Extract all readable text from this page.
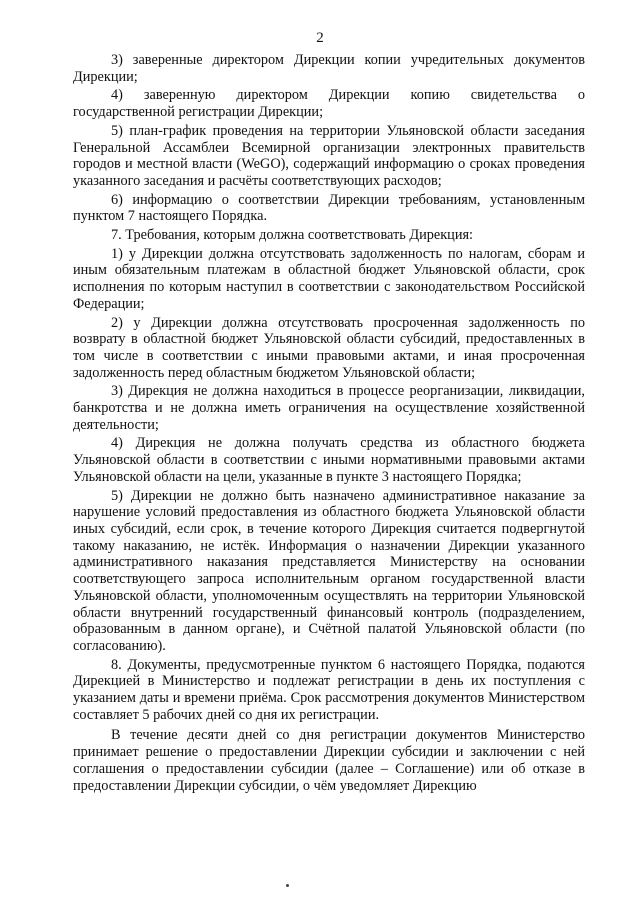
2

3) заверенные директором Дирекции копии учредительных документов Дирекции;

4) заверенную директором Дирекции копию свидетельства о государственной регистрации Дирекции;

5) план-график проведения на территории Ульяновской области заседания Генеральной Ассамблеи Всемирной организации электронных правительств городов и местной власти (WeGO), содержащий информацию о сроках проведения указанного заседания и расчёты соответствующих расходов;

6) информацию о соответствии Дирекции требованиям, установленным пунктом 7 настоящего Порядка.

7. Требования, которым должна соответствовать Дирекция:

1) у Дирекции должна отсутствовать задолженность по налогам, сборам и иным обязательным платежам в областной бюджет Ульяновской области, срок исполнения по которым наступил в соответствии с законодательством Российской Федерации;

2) у Дирекции должна отсутствовать просроченная задолженность по возврату в областной бюджет Ульяновской области субсидий, предоставленных в том числе в соответствии с иными правовыми актами, и иная просроченная задолженность перед областным бюджетом Ульяновской области;

3) Дирекция не должна находиться в процессе реорганизации, ликвидации, банкротства и не должна иметь ограничения на осуществление хозяйственной деятельности;

4) Дирекция не должна получать средства из областного бюджета Ульяновской области в соответствии с иными нормативными правовыми актами Ульяновской области на цели, указанные в пункте 3 настоящего Порядка;

5) Дирекции не должно быть назначено административное наказание за нарушение условий предоставления из областного бюджета Ульяновской области иных субсидий, если срок, в течение которого Дирекция считается подвергнутой такому наказанию, не истёк. Информация о назначении Дирекции указанного административного наказания представляется Министерству на основании соответствующего запроса исполнительным органом государственной власти Ульяновской области, уполномоченным осуществлять на территории Ульяновской области внутренний государственный финансовый контроль (подразделением, образованным в данном органе), и Счётной палатой Ульяновской области (по согласованию).

8. Документы, предусмотренные пунктом 6 настоящего Порядка, подаются Дирекцией в Министерство и подлежат регистрации в день их поступления с указанием даты и времени приёма. Срок рассмотрения документов Министерством составляет 5 рабочих дней со дня их регистрации.

В течение десяти дней со дня регистрации документов Министерство принимает решение о предоставлении Дирекции субсидии и заключении с ней соглашения о предоставлении субсидии (далее – Соглашение) или об отказе в предоставлении Дирекции субсидии, о чём уведомляет Дирекцию
